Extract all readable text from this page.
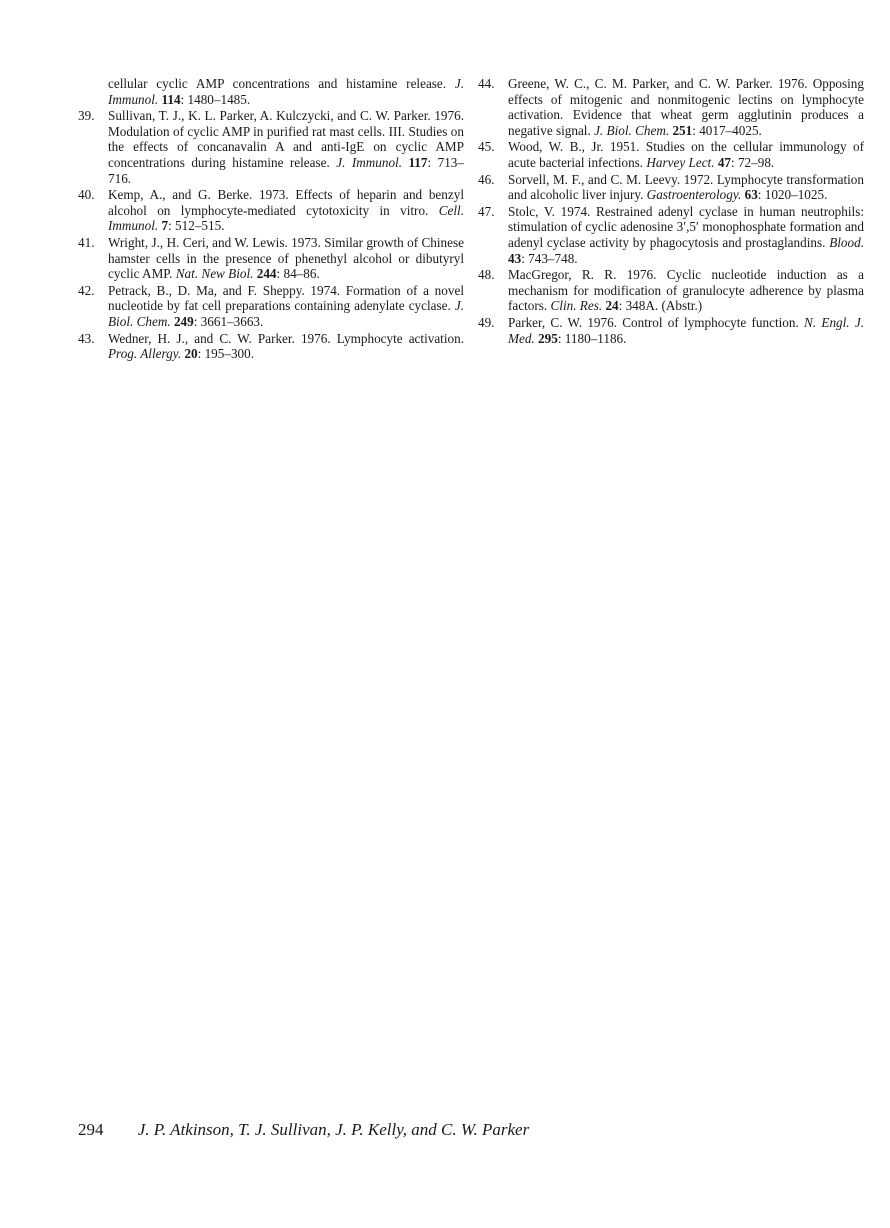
cellular cyclic AMP concentrations and histamine release. J. Immunol. 114: 1480–1485.

39. Sullivan, T. J., K. L. Parker, A. Kulczycki, and C. W. Parker. 1976. Modulation of cyclic AMP in purified rat mast cells. III. Studies on the effects of concanavalin A and anti-IgE on cyclic AMP concentrations during histamine release. J. Immunol. 117: 713–716.

40. Kemp, A., and G. Berke. 1973. Effects of heparin and benzyl alcohol on lymphocyte-mediated cytotoxicity in vitro. Cell. Immunol. 7: 512–515.

41. Wright, J., H. Ceri, and W. Lewis. 1973. Similar growth of Chinese hamster cells in the presence of phenethyl alcohol or dibutyryl cyclic AMP. Nat. New Biol. 244: 84–86.

42. Petrack, B., D. Ma, and F. Sheppy. 1974. Formation of a novel nucleotide by fat cell preparations containing adenylate cyclase. J. Biol. Chem. 249: 3661–3663.

43. Wedner, H. J., and C. W. Parker. 1976. Lymphocyte activation. Prog. Allergy. 20: 195–300.

44. Greene, W. C., C. M. Parker, and C. W. Parker. 1976. Opposing effects of mitogenic and nonmitogenic lectins on lymphocyte activation. Evidence that wheat germ agglutinin produces a negative signal. J. Biol. Chem. 251: 4017–4025.

45. Wood, W. B., Jr. 1951. Studies on the cellular immunology of acute bacterial infections. Harvey Lect. 47: 72–98.

46. Sorvell, M. F., and C. M. Leevy. 1972. Lymphocyte transformation and alcoholic liver injury. Gastroenterology. 63: 1020–1025.

47. Stolc, V. 1974. Restrained adenyl cyclase in human neutrophils: stimulation of cyclic adenosine 3′,5′ monophosphate formation and adenyl cyclase activity by phagocytosis and prostaglandins. Blood. 43: 743–748.

48. MacGregor, R. R. 1976. Cyclic nucleotide induction as a mechanism for modification of granulocyte adherence by plasma factors. Clin. Res. 24: 348A. (Abstr.)

49. Parker, C. W. 1976. Control of lymphocyte function. N. Engl. J. Med. 295: 1180–1186.

294 J. P. Atkinson, T. J. Sullivan, J. P. Kelly, and C. W. Parker
